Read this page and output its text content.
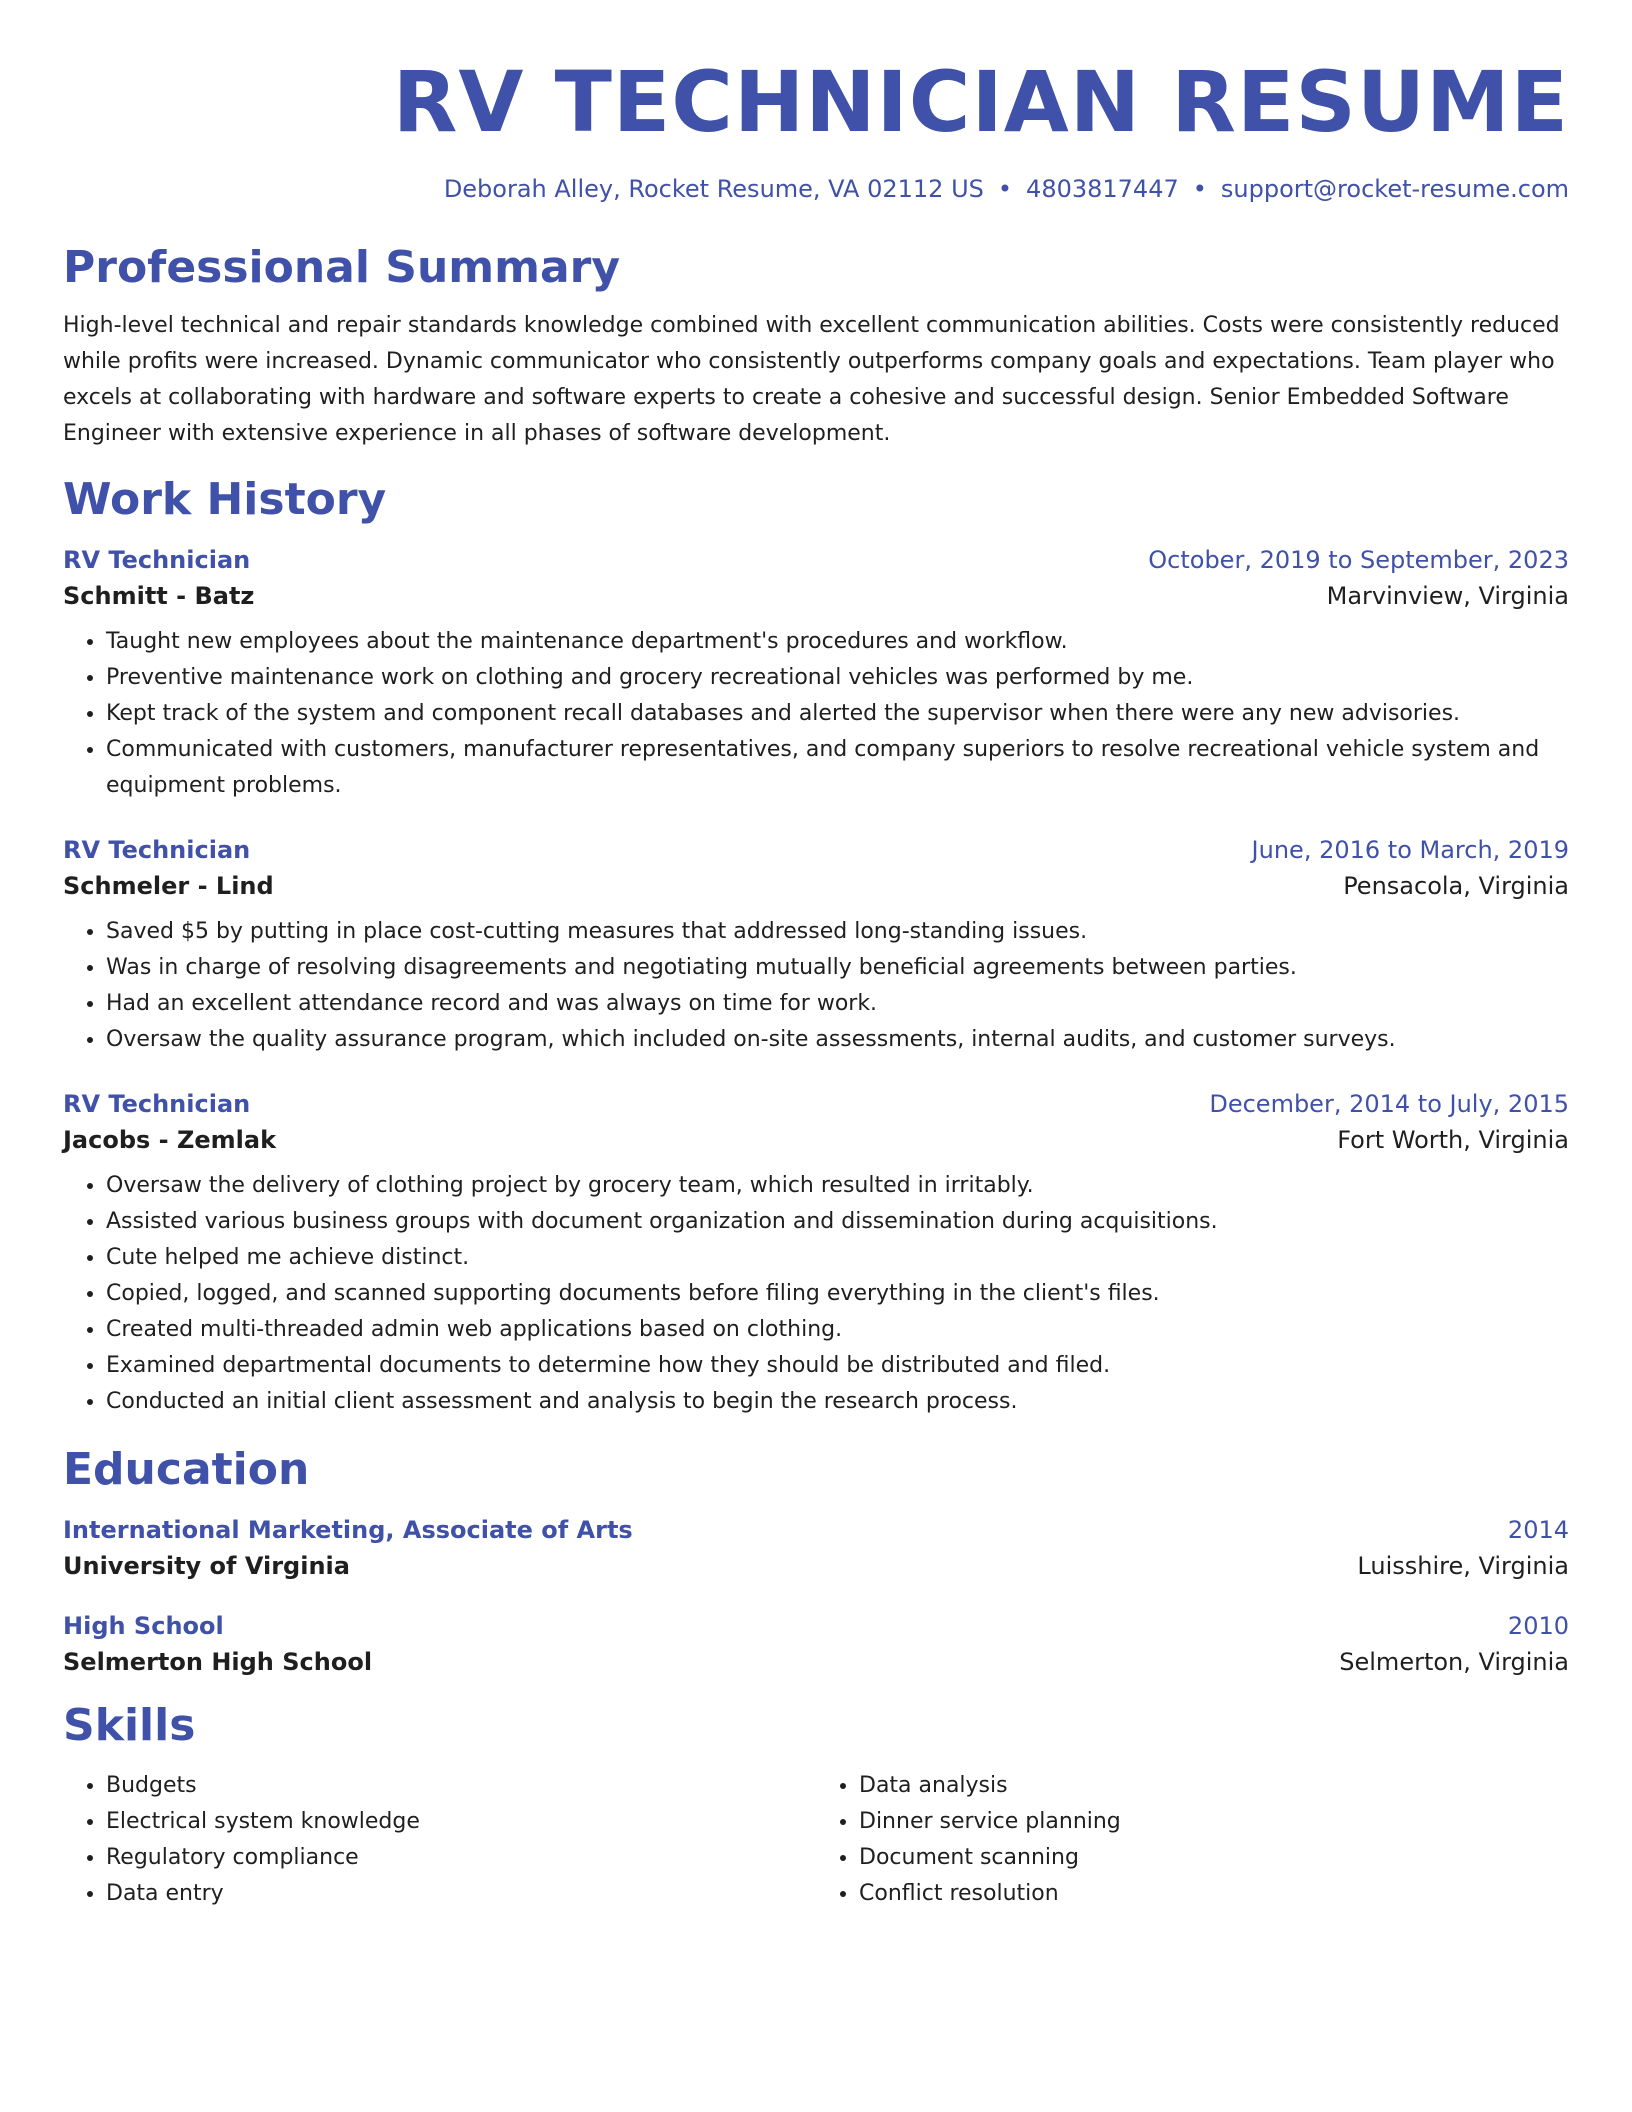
RV TECHNICIAN RESUME
Deborah Alley, Rocket Resume, VA 02112 US • 4803817447 • support@rocket-resume.com
Professional Summary

High-level technical and repair standards knowledge combined with excellent communication abilities. Costs were consistently reduced while profits were increased. Dynamic communicator who consistently outperforms company goals and expectations. Team player who excels at collaborating with hardware and software experts to create a cohesive and successful design. Senior Embedded Software Engineer with extensive experience in all phases of software development.

Work History
RV Technician	October, 2019 to September, 2023
Schmitt - Batz	Marvinview, Virginia
• Taught new employees about the maintenance department's procedures and workflow.
• Preventive maintenance work on clothing and grocery recreational vehicles was performed by me.
• Kept track of the system and component recall databases and alerted the supervisor when there were any new advisories.
• Communicated with customers, manufacturer representatives, and company superiors to resolve recreational vehicle system and equipment problems.
RV Technician	June, 2016 to March, 2019
Schmeler - Lind	Pensacola, Virginia
• Saved $5 by putting in place cost-cutting measures that addressed long-standing issues.
• Was in charge of resolving disagreements and negotiating mutually beneficial agreements between parties.
• Had an excellent attendance record and was always on time for work.
• Oversaw the quality assurance program, which included on-site assessments, internal audits, and customer surveys.
RV Technician	December, 2014 to July, 2015
Jacobs - Zemlak	Fort Worth, Virginia
• Oversaw the delivery of clothing project by grocery team, which resulted in irritably.
• Assisted various business groups with document organization and dissemination during acquisitions.
• Cute helped me achieve distinct.
• Copied, logged, and scanned supporting documents before filing everything in the client's files.
• Created multi-threaded admin web applications based on clothing.
• Examined departmental documents to determine how they should be distributed and filed.
• Conducted an initial client assessment and analysis to begin the research process.
Education
International Marketing, Associate of Arts	2014
University of Virginia	Luisshire, Virginia
High School	2010
Selmerton High School	Selmerton, Virginia
Skills
• Budgets
• Electrical system knowledge
• Regulatory compliance
• Data entry
• Data analysis
• Dinner service planning
• Document scanning
• Conflict resolution
